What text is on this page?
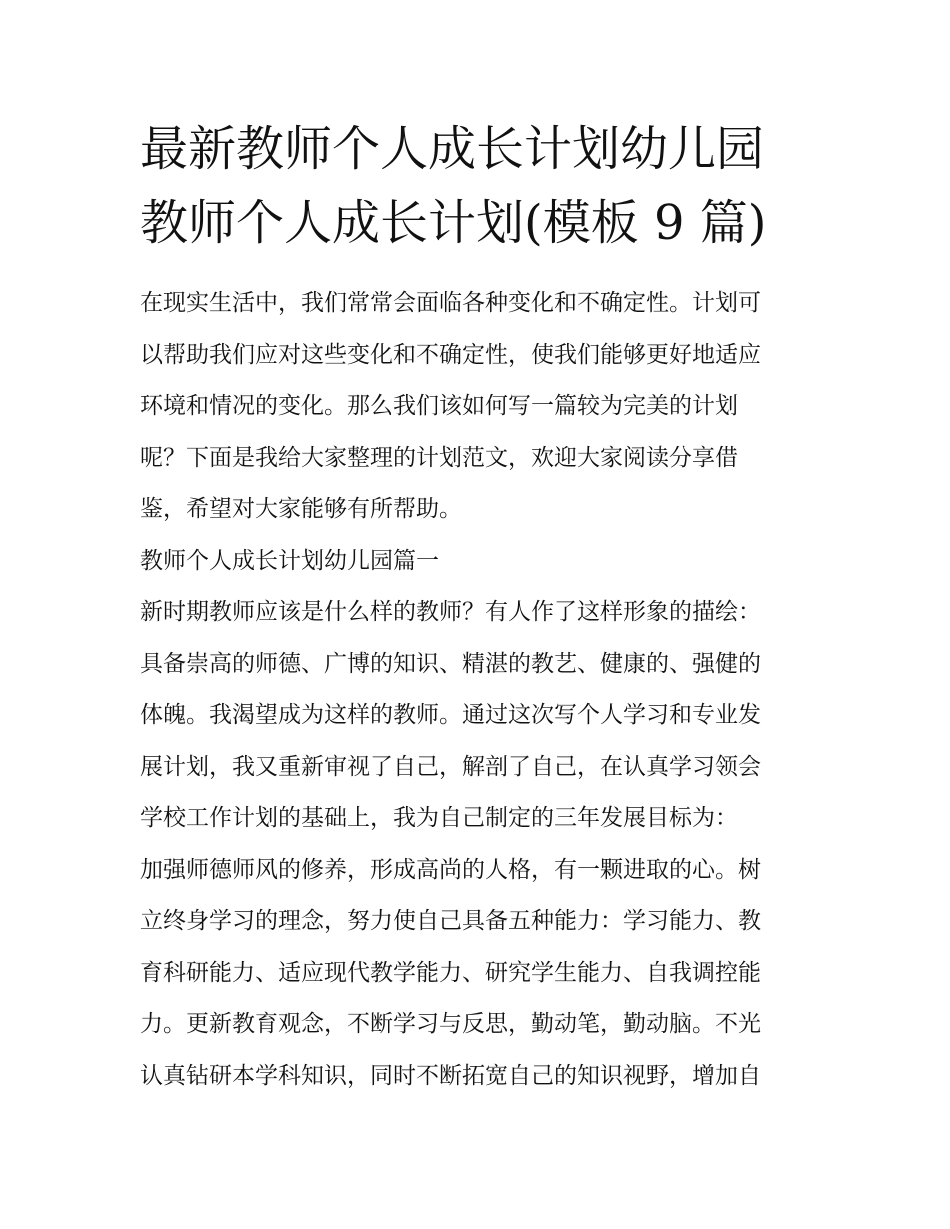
最新教师个人成长计划幼儿园
教师个人成长计划(模板 9 篇)
在现实生活中，我们常常会面临各种变化和不确定性。计划可
以帮助我们应对这些变化和不确定性，使我们能够更好地适应
环境和情况的变化。那么我们该如何写一篇较为完美的计划
呢？下面是我给大家整理的计划范文，欢迎大家阅读分享借
鉴，希望对大家能够有所帮助。
教师个人成长计划幼儿园篇一
新时期教师应该是什么样的教师？有人作了这样形象的描绘：
具备崇高的师德、广博的知识、精湛的教艺、健康的、强健的
体魄。我渴望成为这样的教师。通过这次写个人学习和专业发
展计划，我又重新审视了自己，解剖了自己，在认真学习领会
学校工作计划的基础上，我为自己制定的三年发展目标为：
加强师德师风的修养，形成高尚的人格，有一颗进取的心。树
立终身学习的理念，努力使自己具备五种能力：学习能力、教
育科研能力、适应现代教学能力、研究学生能力、自我调控能
力。更新教育观念，不断学习与反思，勤动笔，勤动脑。不光
认真钻研本学科知识，同时不断拓宽自己的知识视野，增加自
